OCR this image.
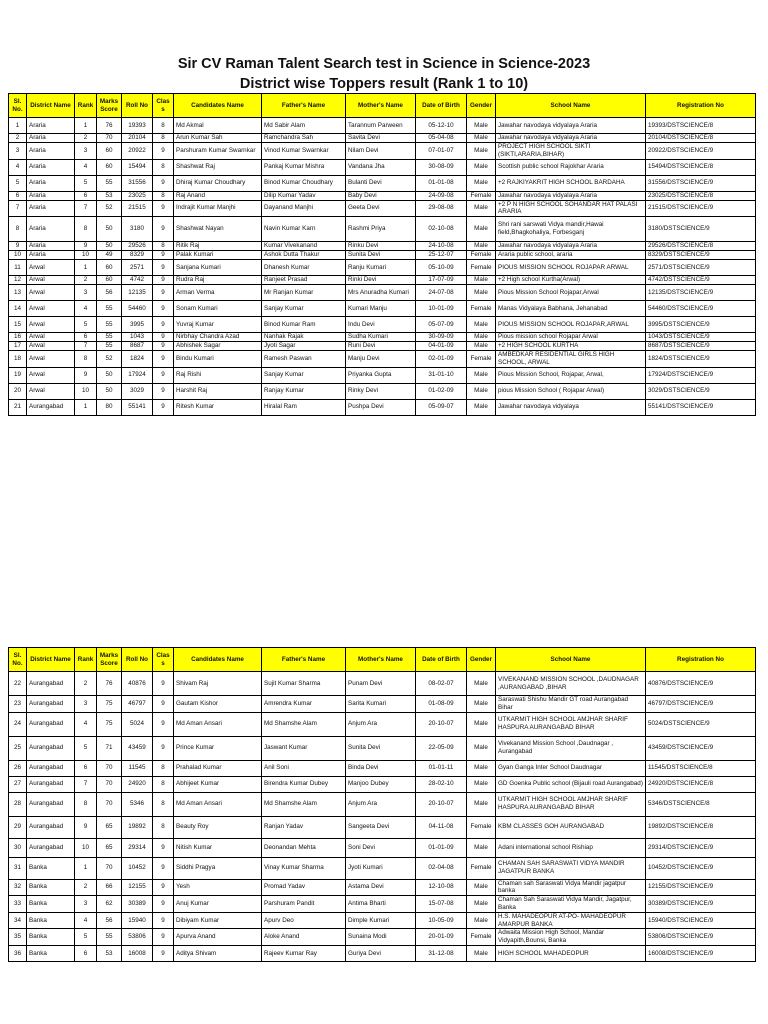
Sir CV Raman Talent Search test in Science in Science-2023
District wise Toppers result (Rank 1 to 10)
Sl. No.	District Name	Rank	Marks Score	Roll No	Class	Candidates Name	Father's Name	Mother's Name	Date of Birth	Gender	School Name	Registration No
1	Araria	1	76	19393	8	Md Akmal	Md Sabir Alam	Tarannum Parween	05-12-10	Male	Jawahar navodaya vidyalaya Araria	19393/DSTSCIENCE/8
2	Araria	2	70	20104	8	Arun Kumar Sah	Ramchandra Sah	Savita Devi	05-04-08	Male	Jawahar navodaya vidyalaya Araria	20104/DSTSCIENCE/8
3	Araria	3	60	20922	9	Parshuram Kumar Swarnkar	Vinod Kumar Swarnkar	Nilam Devi	07-01-07	Male	PROJECT HIGH SCHOOL SIKTI (SIKTI,ARARIA,BIHAR)	20922/DSTSCIENCE/9
4	Araria	4	60	15494	8	Shashwat Raj	Pankaj Kumar Mishra	Vandana Jha	30-08-09	Male	Scottish public school Rajokhar Araria	15494/DSTSCIENCE/8
5	Araria	5	55	31556	9	Dhiraj Kumar Choudhary	Binod Kumar Choudhary	Bulanti Devi	01-01-08	Male	+2 RAJKIYAKRIT HIGH SCHOOL BARDAHA	31556/DSTSCIENCE/9
6	Araria	6	53	23025	8	Raj Anand	Dilip Kumar Yadav	Baby Devi	24-09-08	Female	Jawahar navodaya vidyalaya Araria	23025/DSTSCIENCE/8
7	Araria	7	52	21515	9	Indrajit Kumar Manjhi	Dayanand Manjhi	Geeta Devi	29-08-08	Male	+2 P N HIGH SCHOOL SOHANDAR HAT PALASI ARARIA	21515/DSTSCIENCE/9
8	Araria	8	50	3180	9	Shashwat Nayan	Navin Kumar Karn	Rashmi Priya	02-10-08	Male	Shri rani sarswati Vidya mandir,Hawai field,Bhagkohaliya, Forbesganj	3180/DSTSCIENCE/9
9	Araria	9	50	29526	8	Ritik Raj	Kumar Vivekanand	Rinku Devi	24-10-08	Male	Jawahar navodaya vidyalaya Araria	29526/DSTSCIENCE/8
10	Araria	10	49	8329	9	Palak Kumari	Ashok Dutta Thakur	Sunita Devi	25-12-07	Female	Araria public school, araria	8329/DSTSCIENCE/9
11	Arwal	1	60	2571	9	Sanjana Kumari	Dhanesh Kumar	Ranju Kumari	05-10-09	Female	PIOUS MISSION SCHOOL ROJAPAR ARWAL	2571/DSTSCIENCE/9
12	Arwal	2	60	4742	9	Rudra Raj	Ranjeet Prasad	Rinki Devi	17-07-09	Male	+2 High school Kurtha(Arwal)	4742/DSTSCIENCE/9
13	Arwal	3	56	12135	9	Arman Verma	Mr Ranjan Kumar	Mrs Anuradha Kumari	24-07-08	Male	Pious Mission School Rojapar,Arwal	12135/DSTSCIENCE/9
14	Arwal	4	55	54460	9	Sonam Kumari	Sanjay Kumar	Kumari Manju	10-01-09	Female	Manas Vidyalaya Babhana, Jehanabad	54460/DSTSCIENCE/9
15	Arwal	5	55	3995	9	Yuvraj Kumar	Binod Kumar Ram	Indu Devi	05-07-09	Male	PIOUS MISSION SCHOOL ROJAPAR,ARWAL	3995/DSTSCIENCE/9
16	Arwal	6	55	1043	9	Nirbhay Chandra Azad	Nanhak Rajak	Sudha Kumari	30-09-09	Male	Pious mission school Rojapar Arwal	1043/DSTSCIENCE/9
17	Arwal	7	55	8687	9	Abhishek Sagar	Jyoti Sagar	Runi Devi	04-01-09	Male	+2 HIGH SCHOOL KURTHA	8687/DSTSCIENCE/9
18	Arwal	8	52	1824	9	Bindu Kumari	Ramesh Paswan	Manju Devi	02-01-09	Female	AMBEDKAR RESIDENTIAL GIRLS HIGH SCHOOL, ARWAL	1824/DSTSCIENCE/9
19	Arwal	9	50	17924	9	Raj Rishi	Sanjay Kumar	Priyanka Gupta	31-01-10	Male	Pious Mission School, Rojapar, Arwal,	17924/DSTSCIENCE/9
20	Arwal	10	50	3029	9	Harshit Raj	Ranjay Kumar	Rinky Devi	01-02-09	Male	pious Mission School ( Rojapar Arwal)	3029/DSTSCIENCE/9
21	Aurangabad	1	80	55141	9	Ritesh Kumar	Hiralal Ram	Pushpa Devi	05-09-07	Male	Jawahar navodaya vidyalaya	55141/DSTSCIENCE/9
Sl. No.	District Name	Rank	Marks Score	Roll No	Class	Candidates Name	Father's Name	Mother's Name	Date of Birth	Gender	School Name	Registration No
22	Aurangabad	2	76	40876	9	Shivam Raj	Sujit Kumar Sharma	Punam Devi	08-02-07	Male	VIVEKANAND MISSION SCHOOL ,DAUDNAGAR ,AURANGABAD ,BIHAR	40876/DSTSCIENCE/9
23	Aurangabad	3	75	46797	9	Gautam Kishor	Amrendra Kumar	Sarita Kumari	01-08-09	Male	Saraswati Shishu Mandir GT road Aurangabad Bihar	46797/DSTSCIENCE/9
24	Aurangabad	4	75	5024	9	Md Aman Ansari	Md Shamshe Alam	Anjum Ara	20-10-07	Male	UTKARMIT HIGH SCHOOL AMJHAR SHARIF HASPURA AURANGABAD BIHAR	5024/DSTSCIENCE/9
25	Aurangabad	5	71	43459	9	Prince Kumar	Jaswant Kumar	Sunita Devi	22-05-09	Male	Vivekanand Mission School ,Daudnagar , Aurangabad	43459/DSTSCIENCE/9
26	Aurangabad	6	70	11545	8	Prahalad Kumar	Anil Soni	Binda Devi	01-01-11	Male	Gyan Ganga Inter School Daudnagar	11545/DSTSCIENCE/8
27	Aurangabad	7	70	24920	8	Abhijeet Kumar	Birendra Kumar Dubey	Manjoo Dubey	28-02-10	Male	GD Goenka Public school (Bijauli road Aurangabad)	24920/DSTSCIENCE/8
28	Aurangabad	8	70	5346	8	Md Aman Ansari	Md Shamshe Alam	Anjum Ara	20-10-07	Male	UTKARMIT HIGH SCHOOL AMJHAR SHARIF HASPURA AURANGABAD BIHAR	5346/DSTSCIENCE/8
29	Aurangabad	9	65	19892	8	Beauty Roy	Ranjan Yadav	Sangeeta Devi	04-11-08	Female	KBM CLASSES GOH AURANGABAD	19892/DSTSCIENCE/8
30	Aurangabad	10	65	29314	9	Nitish Kumar	Deonandan Mehta	Soni Devi	01-01-09	Male	Adani international school Rishiap	29314/DSTSCIENCE/9
31	Banka	1	70	10452	9	Siddhi Pragya	Vinay Kumar Sharma	Jyoti Kumari	02-04-08	Female	CHAMAN SAH SARASWATI VIDYA MANDIR JAGATPUR BANKA	10452/DSTSCIENCE/9
32	Banka	2	66	12155	9	Yesh	Promad Yadav	Astama Devi	12-10-08	Male	Chaman sah Saraswati Vidya Mandir jagatpur banka	12155/DSTSCIENCE/9
33	Banka	3	62	30389	9	Anuj Kumar	Parshuram Pandit	Antima Bharti	15-07-08	Male	Chaman Sah Saraswati Vidya Mandir, Jagatpur, Banka	30389/DSTSCIENCE/9
34	Banka	4	56	15940	9	Dibiyam Kumar	Apurv Deo	Dimple Kumari	10-05-09	Male	H.S. MAHADEOPUR AT-PO- MAHADEOPUR AMARPUR BANKA	15940/DSTSCIENCE/9
35	Banka	5	55	53806	9	Apurva Anand	Aloke Anand	Sunaina Modi	20-01-09	Female	Adwaita Mission High School, Mandar Vidyapith,Bounsi, Banka	53806/DSTSCIENCE/9
36	Banka	6	53	16008	9	Aditya Shivam	Rajeev Kumar Ray	Guriya Devi	31-12-08	Male	HIGH SCHOOL MAHADEOPUR	16008/DSTSCIENCE/9
